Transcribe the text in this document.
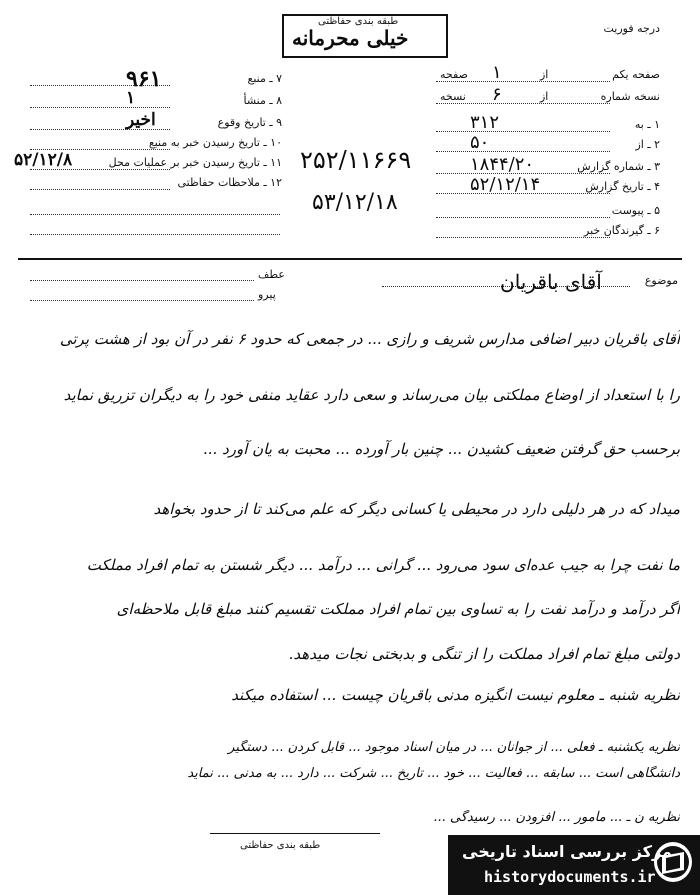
طبقه بندی حفاظتی
خیلی محرمانه	درجه فوریت
صفحه یکم
از
صفحه ۱
نسخه شماره
از
نسخه ۶
۱ ـ به
۳۱۲
۲ ـ از
۵۰
۳ ـ شماره گزارش
۱۸۴۴/۲۰
۴ ـ تاریخ گزارش
۵۲/۱۲/۱۴
۵ ـ پیوست
۶ ـ گیرندگان خبر
۷ ـ منبع
۹۶۱
۸ ـ منشأ
۱
۹ ـ تاریخ وقوع
اخیر
۱۰ ـ تاریخ رسیدن خبر به منبع
۱۱ ـ تاریخ رسیدن خبر بر عملیات محل
۵۲/۱۲/۸
۱۲ ـ ملاحظات حفاظتی
۲۵۲/۱۱۶۶۹
۵۳/۱۲/۱۸
موضوع
آقای باقریان
عطف
پیرو
آقای باقریان دبیر اضافی مدارس شریف و رازی ... در جمعی که حدود ۶ نفر در آن بود از هشت پرتی
را با استعداد از اوضاع مملکتی بیان می‌رساند و سعی دارد عقاید منفی خود را به دیگران تزریق نماید
برحسب حق گرفتن ضعیف کشیدن ... چنین بار آورده ... محبت به یان آورد ...
میداد که در هر دلیلی دارد در محیطی یا کسانی دیگر که علم می‌کند تا از حدود بخواهد
ما نفت چرا به جیب عده‌ای سود می‌رود ... گرانی ... درآمد ... دیگر شستن به تمام افراد مملکت
اگر درآمد و درآمد نفت را به تساوی بین تمام افراد مملکت تقسیم کنند مبلغ قابل ملاحظه‌ای
دولتی مبلغ تمام افراد مملکت را از تنگی و بدبختی نجات میدهد.
نظریه شنبه ـ معلوم نیست انگیزه مدنی باقریان چیست ... استفاده میکند
نظریه یکشنبه ـ فعلی ... از جوانان ... در میان اسناد موجود ... قابل کردن ... دستگیر
دانشگاهی است ... سابقه ... فعالیت ... خود ... تاریخ ... شرکت ... دارد ... به مدنی ... نماید
نظریه ن ـ ... مأمور ... افزودن ... رسیدگی ...
طبقه بندی حفاظتی	مرکز بررسی اسناد تاریخی
historydocuments.ir
